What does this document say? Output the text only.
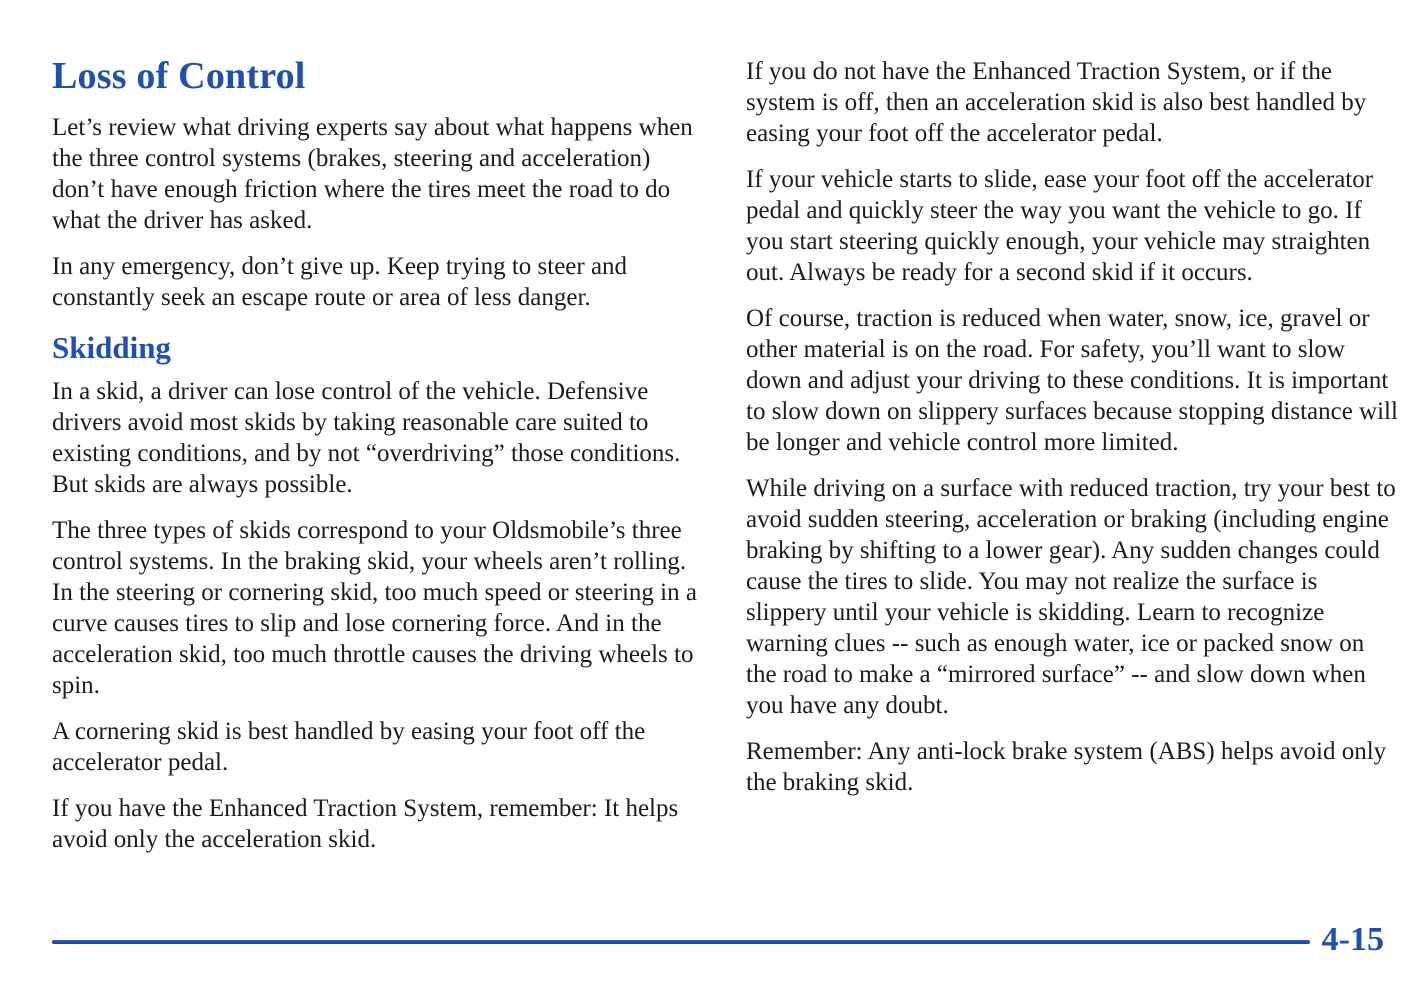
Loss of Control

Let’s review what driving experts say about what happens when the three control systems (brakes, steering and acceleration) don’t have enough friction where the tires meet the road to do what the driver has asked.

In any emergency, don’t give up. Keep trying to steer and constantly seek an escape route or area of less danger.

Skidding

In a skid, a driver can lose control of the vehicle. Defensive drivers avoid most skids by taking reasonable care suited to existing conditions, and by not “overdriving” those conditions. But skids are always possible.

The three types of skids correspond to your Oldsmobile’s three control systems. In the braking skid, your wheels aren’t rolling. In the steering or cornering skid, too much speed or steering in a curve causes tires to slip and lose cornering force. And in the acceleration skid, too much throttle causes the driving wheels to spin.

A cornering skid is best handled by easing your foot off the accelerator pedal.

If you have the Enhanced Traction System, remember: It helps avoid only the acceleration skid.

If you do not have the Enhanced Traction System, or if the system is off, then an acceleration skid is also best handled by easing your foot off the accelerator pedal.

If your vehicle starts to slide, ease your foot off the accelerator pedal and quickly steer the way you want the vehicle to go. If you start steering quickly enough, your vehicle may straighten out. Always be ready for a second skid if it occurs.

Of course, traction is reduced when water, snow, ice, gravel or other material is on the road. For safety, you’ll want to slow down and adjust your driving to these conditions. It is important to slow down on slippery surfaces because stopping distance will be longer and vehicle control more limited.

While driving on a surface with reduced traction, try your best to avoid sudden steering, acceleration or braking (including engine braking by shifting to a lower gear). Any sudden changes could cause the tires to slide. You may not realize the surface is slippery until your vehicle is skidding. Learn to recognize warning clues -- such as enough water, ice or packed snow on the road to make a “mirrored surface” -- and slow down when you have any doubt.

Remember: Any anti-lock brake system (ABS) helps avoid only the braking skid.

4-15
